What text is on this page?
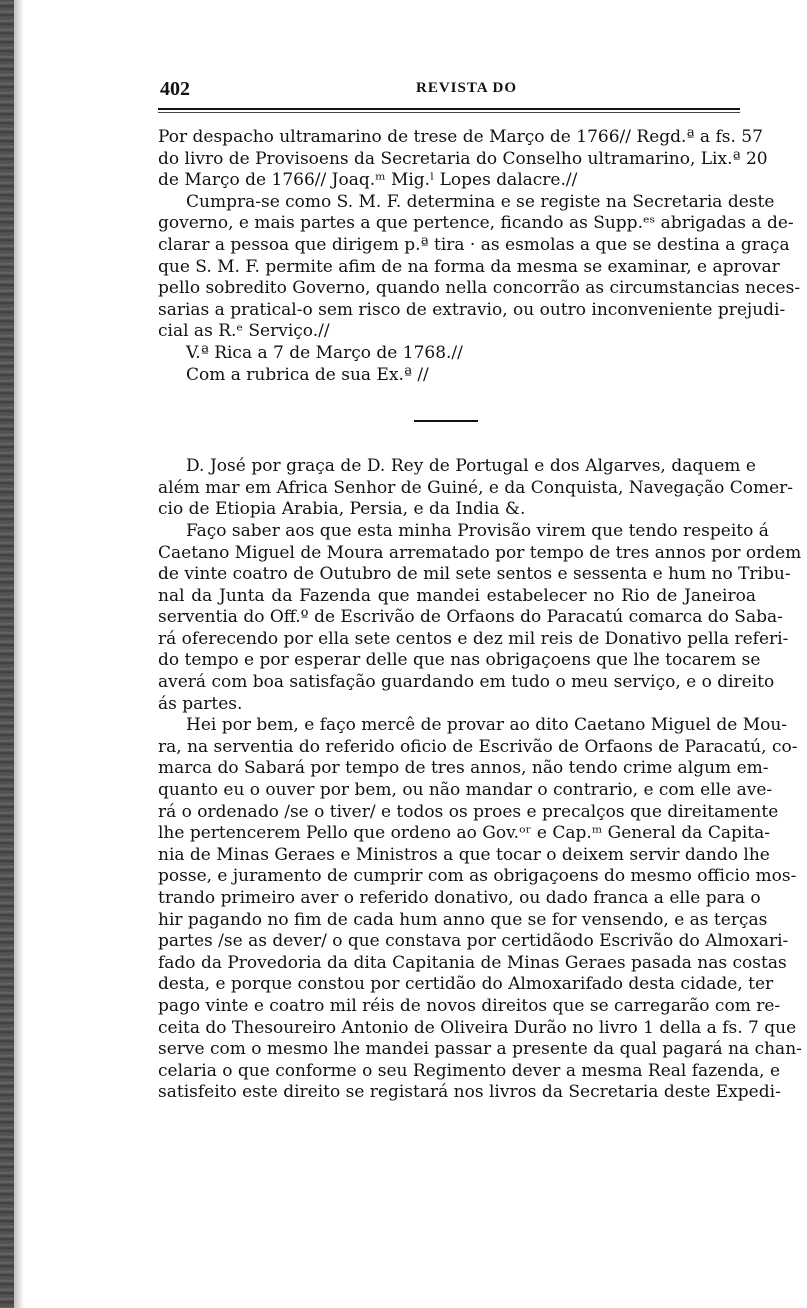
402	REVISTA DO
Por despacho ultramarino de trese de Março de 1766// Regd.ª a fs. 57
do livro de Provisoens da Secretaria do Conselho ultramarino, Lix.ª 20
de Março de 1766// Joaq.ᵐ Mig.ˡ Lopes dalacre.//
Cumpra-se como S. M. F. determina e se registe na Secretaria deste
governo, e mais partes a que pertence, ficando as Supp.ᵉˢ abrigadas a de-
clarar a pessoa que dirigem p.ª tira · as esmolas a que se destina a graça
que S. M. F. permite afim de na forma da mesma se examinar, e aprovar
pello sobredito Governo, quando nella concorrão as circumstancias neces-
sarias a pratical-o sem risco de extravio, ou outro inconveniente prejudi-
cial as R.ᵉ Serviço.//
V.ª Rica a 7 de Março de 1768.//
Com a rubrica de sua Ex.ª //
D. José por graça de D. Rey de Portugal e dos Algarves, daquem e
além mar em Africa Senhor de Guiné, e da Conquista, Navegação Comer-
cio de Etiopia Arabia, Persia, e da India &.
Faço saber aos que esta minha Provisão virem que tendo respeito á
Caetano Miguel de Moura arrematado por tempo de tres annos por ordem
de vinte coatro de Outubro de mil sete sentos e sessenta e hum no Tribu-
nal da Junta da Fazenda que mandei estabelecer no Rio de Janeiroa
serventia do Off.º de Escrivão de Orfaons do Paracatú comarca do Saba-
rá oferecendo por ella sete centos e dez mil reis de Donativo pella referi-
do tempo e por esperar delle que nas obrigaçoens que lhe tocarem se
averá com boa satisfação guardando em tudo o meu serviço, e o direito
ás partes.
Hei por bem, e faço mercê de provar ao dito Caetano Miguel de Mou-
ra, na serventia do referido oficio de Escrivão de Orfaons de Paracatú, co-
marca do Sabará por tempo de tres annos, não tendo crime algum em-
quanto eu o ouver por bem, ou não mandar o contrario, e com elle ave-
rá o ordenado /se o tiver/ e todos os proes e precalços que direitamente
lhe pertencerem Pello que ordeno ao Gov.ᵒʳ e Cap.ᵐ General da Capita-
nia de Minas Geraes e Ministros a que tocar o deixem servir dando lhe
posse, e juramento de cumprir com as obrigaçoens do mesmo officio mos-
trando primeiro aver o referido donativo, ou dado franca a elle para o
hir pagando no fim de cada hum anno que se for vensendo, e as terças
partes /se as dever/ o que constava por certidãodo Escrivão do Almoxari-
fado da Provedoria da dita Capitania de Minas Geraes pasada nas costas
desta, e porque constou por certidão do Almoxarifado desta cidade, ter
pago vinte e coatro mil réis de novos direitos que se carregarão com re-
ceita do Thesoureiro Antonio de Oliveira Durão no livro 1 della a fs. 7 que
serve com o mesmo lhe mandei passar a presente da qual pagará na chan-
celaria o que conforme o seu Regimento dever a mesma Real fazenda, e
satisfeito este direito se registará nos livros da Secretaria deste Expedi-
